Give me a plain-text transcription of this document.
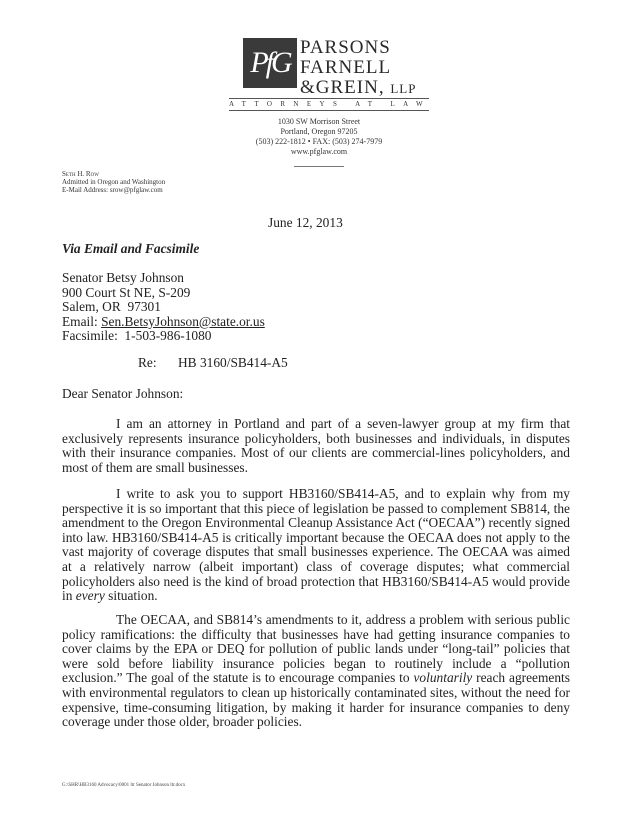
PfG PARSONS
FARNELL
&GREIN, LLP
ATTORNEYS AT LAW
1030 SW Morrison Street
Portland, Oregon 97205
(503) 222-1812 • FAX: (503) 274-7979
www.pfglaw.com
Seth H. Row
Admitted in Oregon and Washington
E-Mail Address: srow@pfglaw.com
June 12, 2013
Via Email and Facsimile
Senator Betsy Johnson
900 Court St NE, S-209
Salem, OR  97301
Email: Sen.BetsyJohnson@state.or.us
Facsimile:  1-503-986-1080
Re: HB 3160/SB414-A5
Dear Senator Johnson:

I am an attorney in Portland and part of a seven-lawyer group at my firm that exclusively represents insurance policyholders, both businesses and individuals, in disputes with their insurance companies. Most of our clients are commercial-lines policyholders, and most of them are small businesses.

I write to ask you to support HB3160/SB414-A5, and to explain why from my perspective it is so important that this piece of legislation be passed to complement SB814, the amendment to the Oregon Environmental Cleanup Assistance Act (“OECAA”) recently signed into law. HB3160/SB414-A5 is critically important because the OECAA does not apply to the vast majority of coverage disputes that small businesses experience. The OECAA was aimed at a relatively narrow (albeit important) class of coverage disputes; what commercial policyholders also need is the kind of broad protection that HB3160/SB414-A5 would provide in every situation.

The OECAA, and SB814’s amendments to it, address a problem with serious public policy ramifications: the difficulty that businesses have had getting insurance companies to cover claims by the EPA or DEQ for pollution of public lands under “long-tail” policies that were sold before liability insurance policies began to routinely include a “pollution exclusion.” The goal of the statute is to encourage companies to voluntarily reach agreements with environmental regulators to clean up historically contaminated sites, without the need for expensive, time-consuming litigation, by making it harder for insurance companies to deny coverage under those older, broader policies.

G:\SHR\HB3160 Advocacy\0001 ltr Senator Johnson ltr.docx
